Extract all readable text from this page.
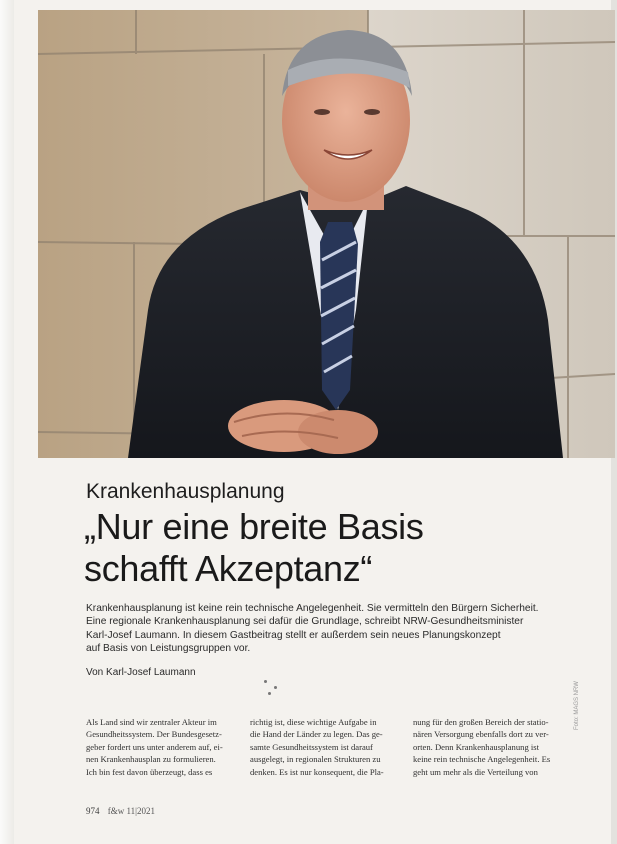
Krankenhausplanung
„Nur eine breite Basis
schafft Akzeptanz“

Krankenhausplanung ist keine rein technische Angelegenheit. Sie vermitteln den Bürgern Sicherheit.
Eine regionale Krankenhausplanung sei dafür die Grundlage, schreibt NRW-Gesundheitsminister
Karl-Josef Laumann. In diesem Gastbeitrag stellt er außerdem sein neues Planungskonzept
auf Basis von Leistungsgruppen vor.

Von Karl-Josef Laumann

Als Land sind wir zentraler Akteur im
Gesundheitssystem. Der Bundesgesetz-
geber fordert uns unter anderem auf, ei-
nen Krankenhausplan zu formulieren.
Ich bin fest davon überzeugt, dass es

richtig ist, diese wichtige Aufgabe in
die Hand der Länder zu legen. Das ge-
samte Gesundheitssystem ist darauf
ausgelegt, in regionalen Strukturen zu
denken. Es ist nur konsequent, die Pla-

nung für den großen Bereich der statio-
nären Versorgung ebenfalls dort zu ver-
orten. Denn Krankenhausplanung ist
keine rein technische Angelegenheit. Es
geht um mehr als die Verteilung von

Foto: MAGS NRW
974 f&w 11|2021
